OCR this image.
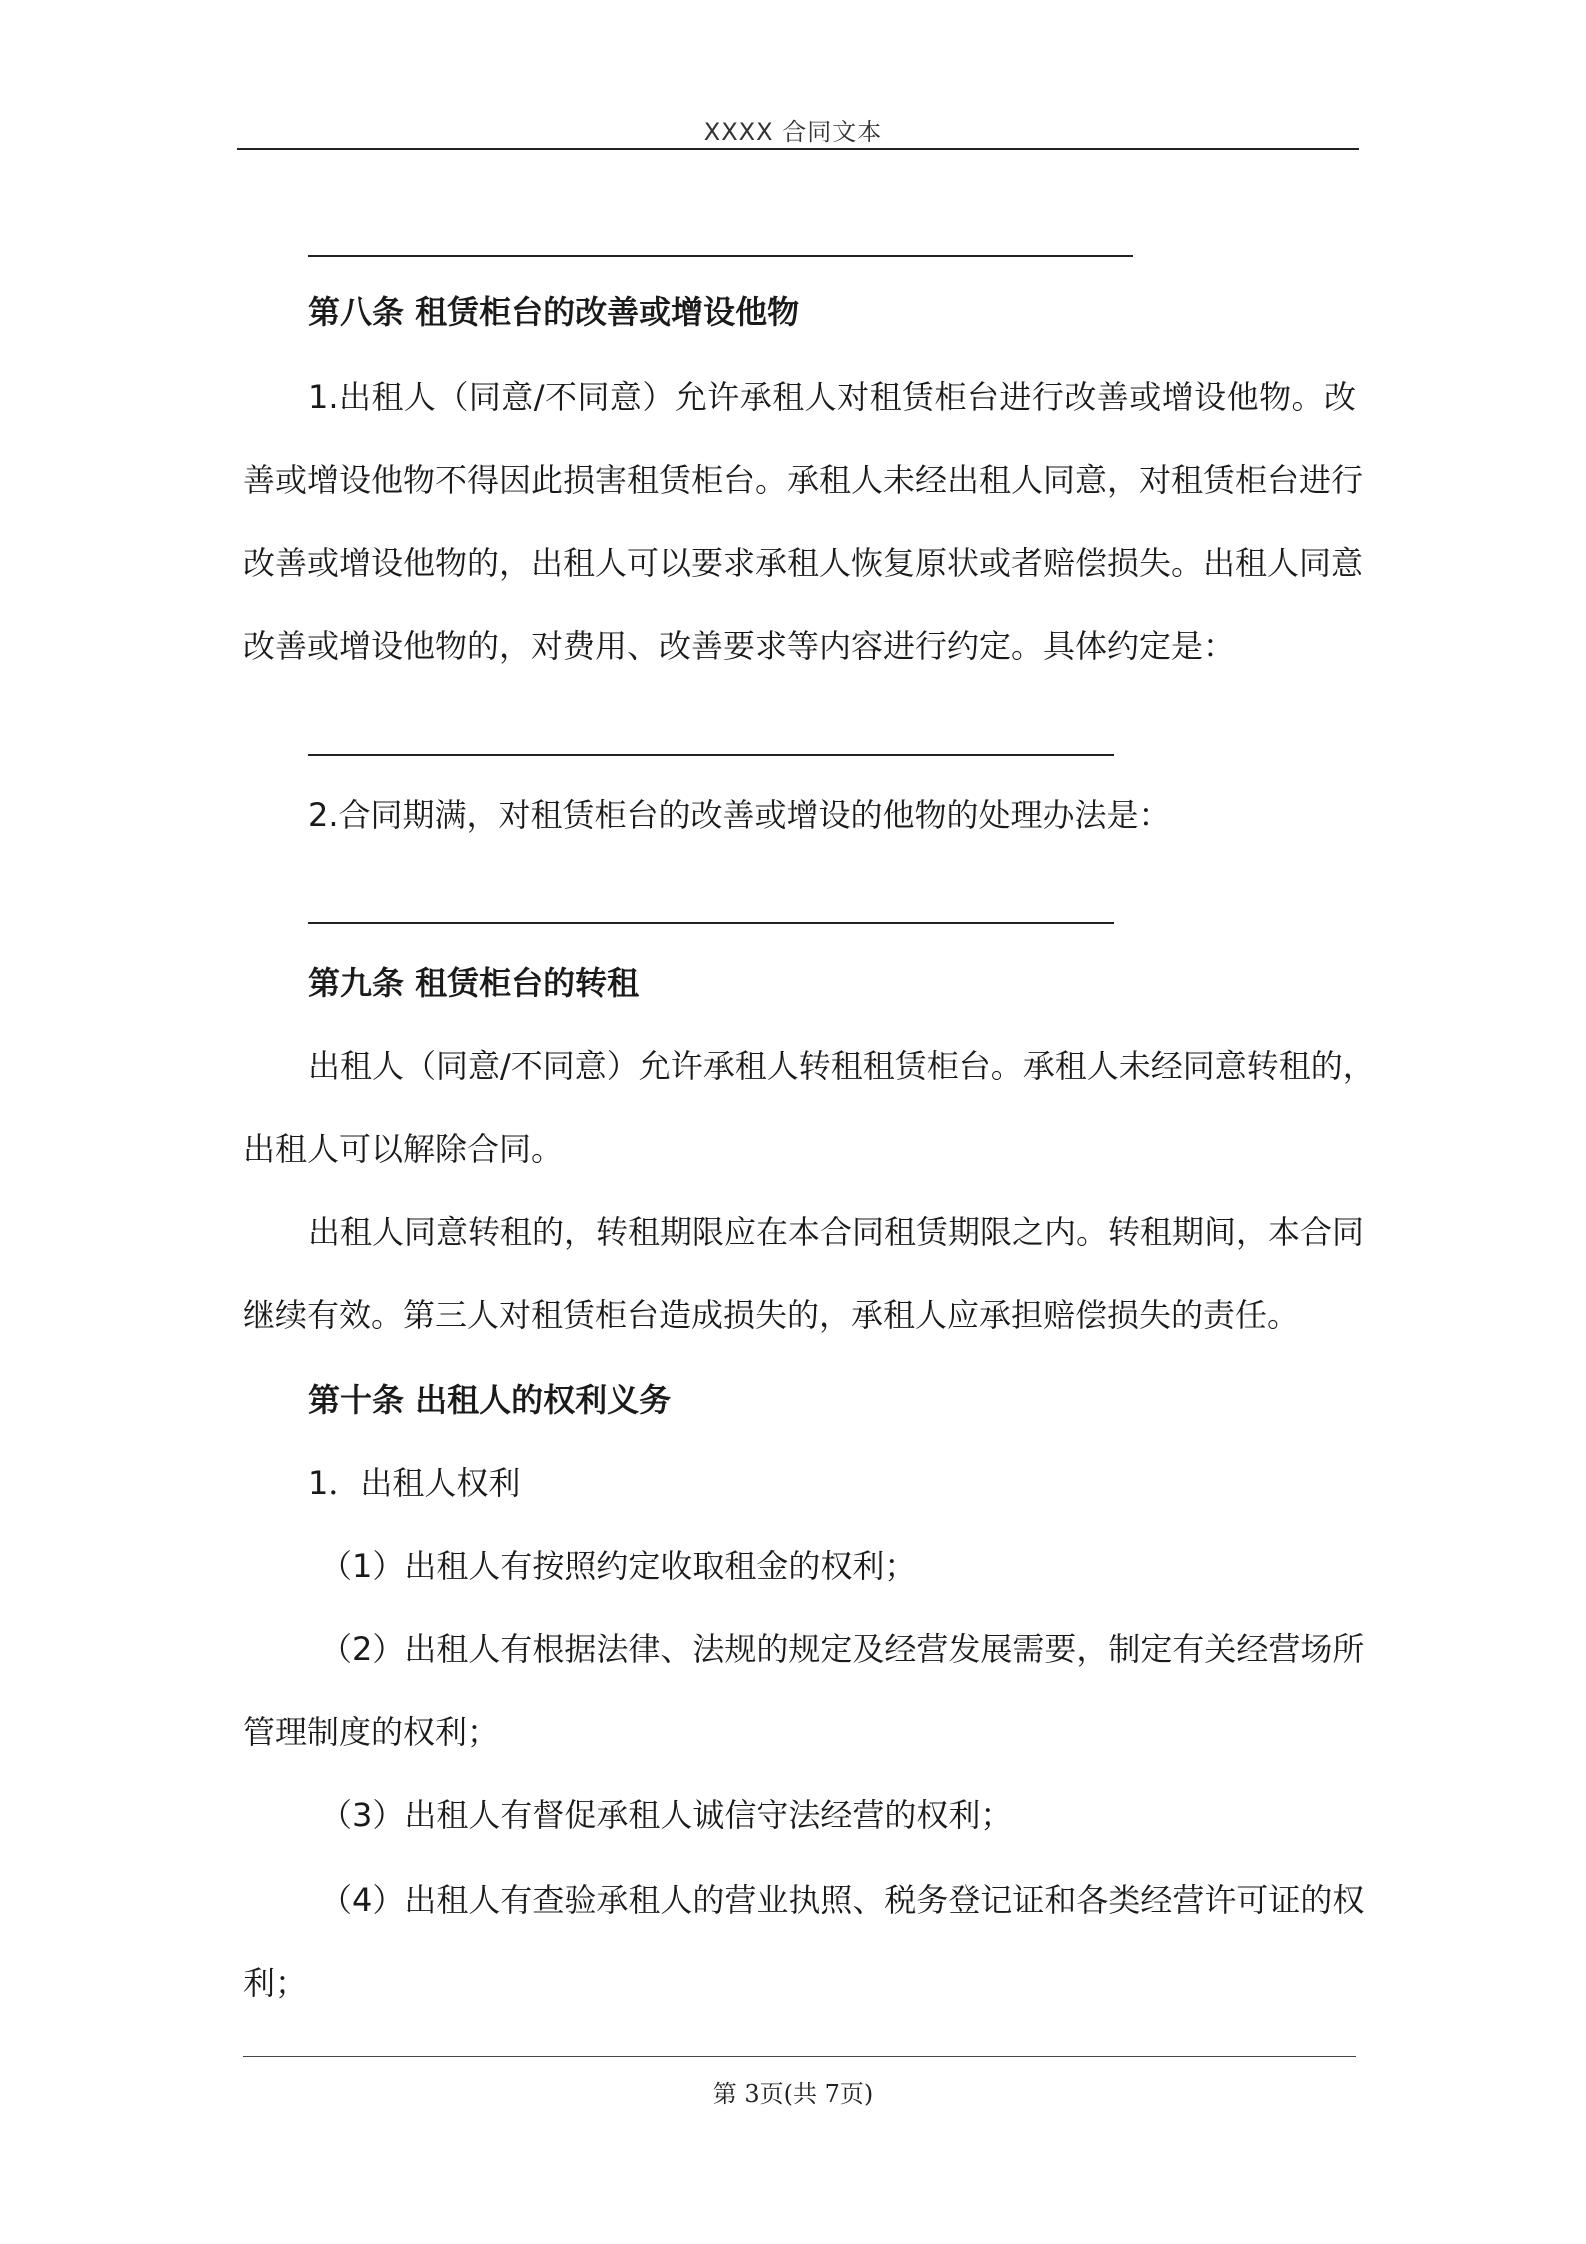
XXXX 合同文本
第八条 租赁柜台的改善或增设他物
1.出租人（同意/不同意）允许承租人对租赁柜台进行改善或增设他物。改
善或增设他物不得因此损害租赁柜台。承租人未经出租人同意，对租赁柜台进行
改善或增设他物的，出租人可以要求承租人恢复原状或者赔偿损失。出租人同意
改善或增设他物的，对费用、改善要求等内容进行约定。具体约定是：
2.合同期满，对租赁柜台的改善或增设的他物的处理办法是：
第九条 租赁柜台的转租
出租人（同意/不同意）允许承租人转租租赁柜台。承租人未经同意转租的，
出租人可以解除合同。
出租人同意转租的，转租期限应在本合同租赁期限之内。转租期间，本合同
继续有效。第三人对租赁柜台造成损失的，承租人应承担赔偿损失的责任。
第十条 出租人的权利义务
1．出租人权利
（1）出租人有按照约定收取租金的权利；
（2）出租人有根据法律、法规的规定及经营发展需要，制定有关经营场所
管理制度的权利；
（3）出租人有督促承租人诚信守法经营的权利；
（4）出租人有查验承租人的营业执照、税务登记证和各类经营许可证的权
利；
第 3页(共 7页)
